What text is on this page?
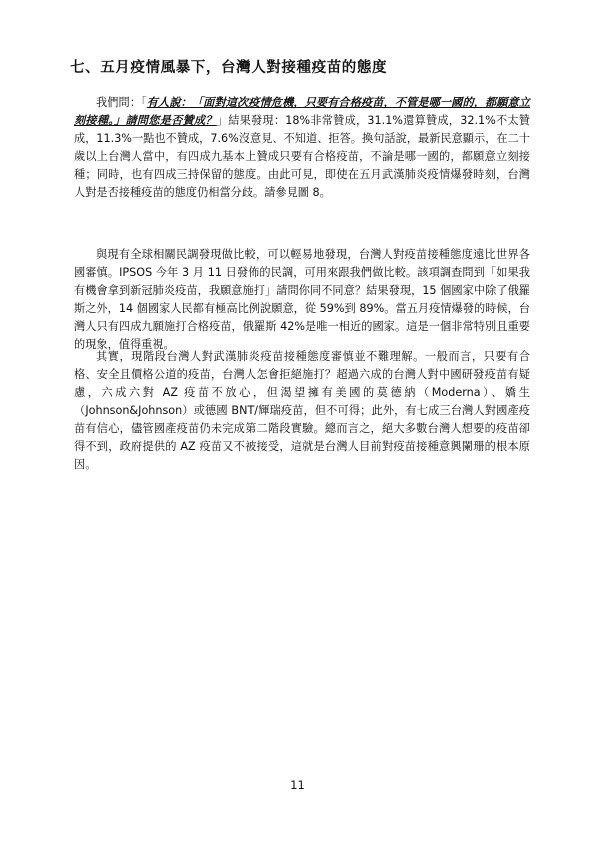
七、五月疫情風暴下，台灣人對接種疫苗的態度

我們問：「有人說：「面對這次疫情危機，只要有合格疫苗，不管是哪一國的，都願意立刻接種。」請問您是否贊成？」結果發現：18%非常贊成，31.1%還算贊成，32.1%不太贊成，11.3%一點也不贊成，7.6%沒意見、不知道、拒答。換句話說，最新民意顯示，在二十歲以上台灣人當中，有四成九基本上贊成只要有合格疫苗，不論是哪一國的，都願意立刻接種；同時，也有四成三持保留的態度。由此可見，即使在五月武漢肺炎疫情爆發時刻，台灣人對是否接種疫苗的態度仍相當分歧。請參見圖 8。

與現有全球相關民調發現做比較，可以輕易地發現，台灣人對疫苗接種態度遠比世界各國審慎。IPSOS 今年 3 月 11 日發佈的民調，可用來跟我們做比較。該項調查問到「如果我有機會拿到新冠肺炎疫苗，我願意施打」請問你同不同意？結果發現，15 個國家中除了俄羅斯之外，14 個國家人民都有極高比例說願意，從 59%到 89%。當五月疫情爆發的時候，台灣人只有四成九願施打合格疫苗，俄羅斯 42%是唯一相近的國家。這是一個非常特別且重要的現象，值得重視。

其實，現階段台灣人對武漢肺炎疫苗接種態度審慎並不難理解。一般而言，只要有合格、安全且價格公道的疫苗，台灣人怎會拒絕施打？超過六成的台灣人對中國研發疫苗有疑慮，六成六對 AZ 疫苗不放心，但渴望擁有美國的莫德納（Moderna）、嬌生（Johnson&Johnson）或德國 BNT/輝瑞疫苗，但不可得；此外，有七成三台灣人對國產疫苗有信心，儘管國產疫苗仍未完成第二階段實驗。總而言之，絕大多數台灣人想要的疫苗卻得不到，政府提供的 AZ 疫苗又不被接受，這就是台灣人目前對疫苗接種意興闌珊的根本原因。

11
